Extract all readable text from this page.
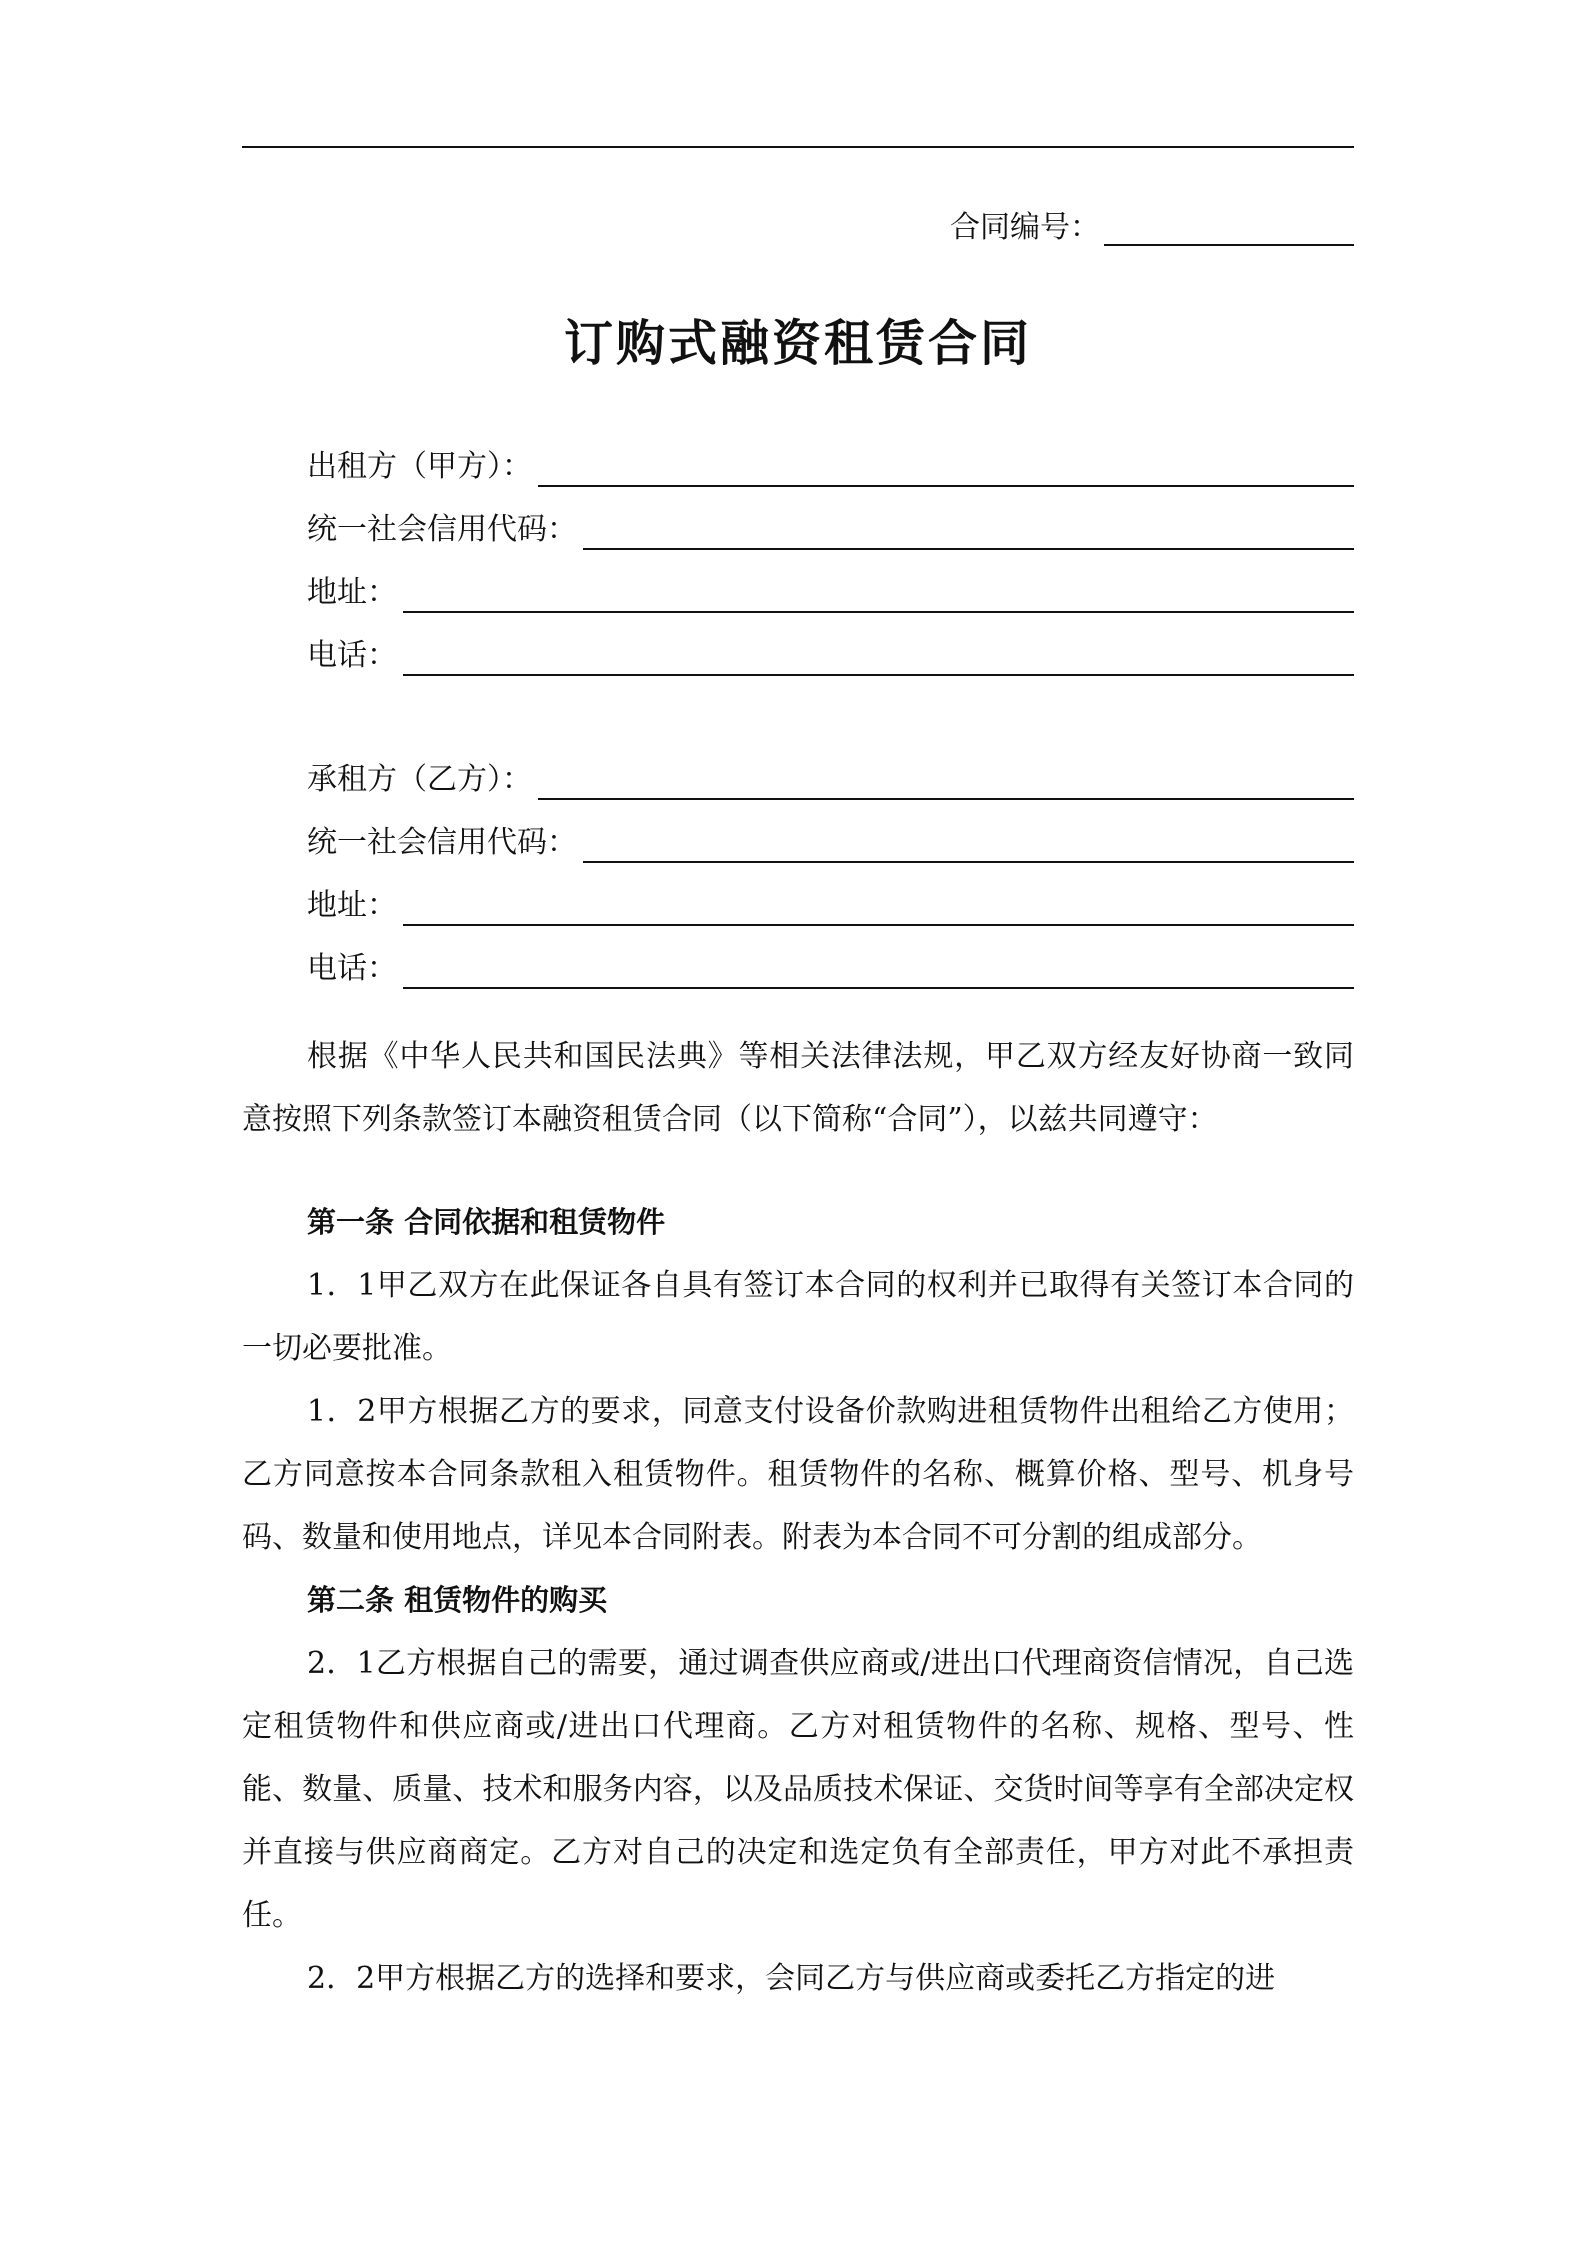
合同编号：
订购式融资租赁合同
出租方（甲方）：
统一社会信用代码：
地址：
电话：
承租方（乙方）：
统一社会信用代码：
地址：
电话：

根据《中华人民共和国民法典》等相关法律法规，甲乙双方经友好协商一致同意按照下列条款签订本融资租赁合同（以下简称“合同”），以兹共同遵守：

第一条 合同依据和租赁物件

1．1甲乙双方在此保证各自具有签订本合同的权利并已取得有关签订本合同的一切必要批准。

1．2甲方根据乙方的要求，同意支付设备价款购进租赁物件出租给乙方使用；乙方同意按本合同条款租入租赁物件。租赁物件的名称、概算价格、型号、机身号码、数量和使用地点，详见本合同附表。附表为本合同不可分割的组成部分。

第二条 租赁物件的购买

2．1乙方根据自己的需要，通过调查供应商或/进出口代理商资信情况，自己选定租赁物件和供应商或/进出口代理商。乙方对租赁物件的名称、规格、型号、性能、数量、质量、技术和服务内容，以及品质技术保证、交货时间等享有全部决定权并直接与供应商商定。乙方对自己的决定和选定负有全部责任，甲方对此不承担责任。

2．2甲方根据乙方的选择和要求，会同乙方与供应商或委托乙方指定的进
